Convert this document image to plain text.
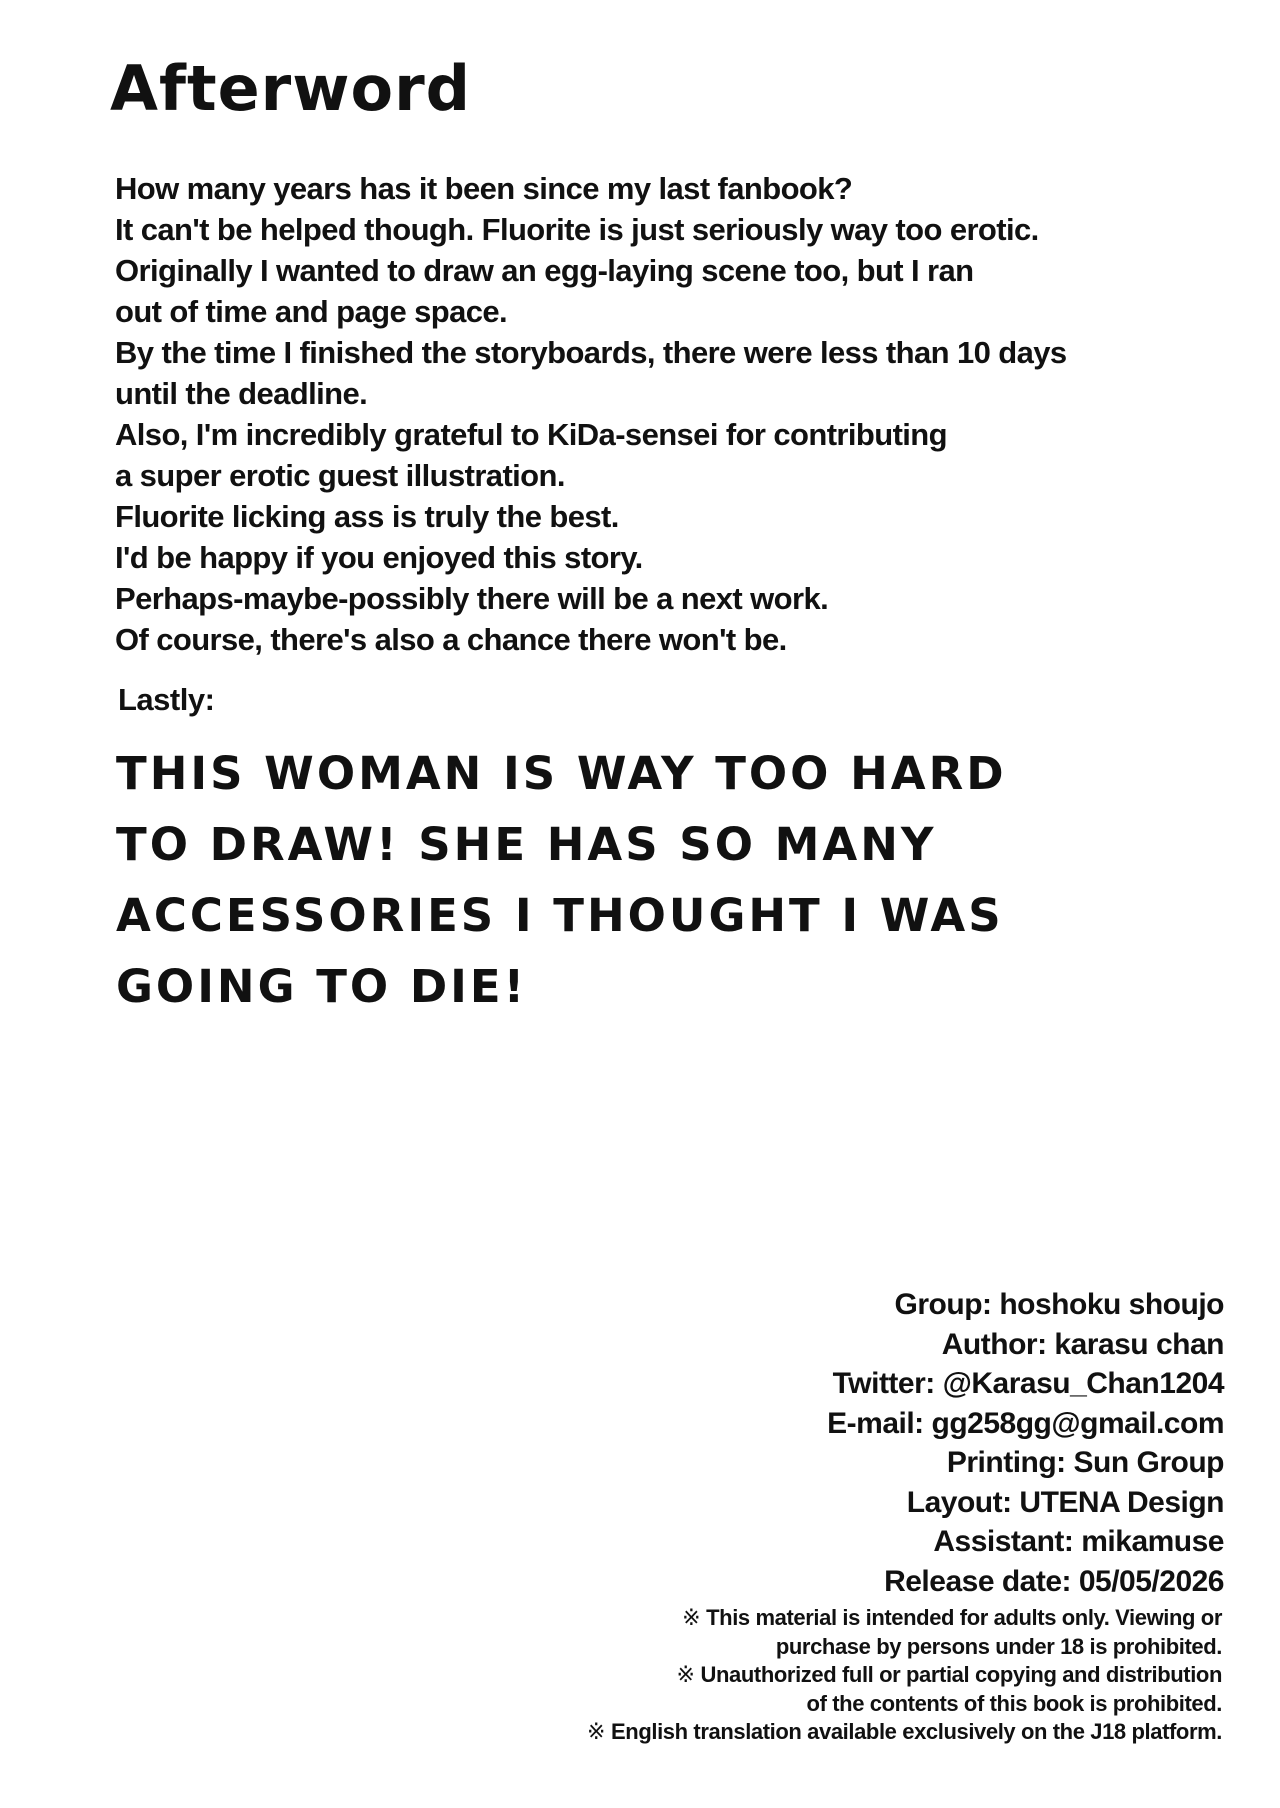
Afterword
How many years has it been since my last fanbook?
It can't be helped though. Fluorite is just seriously way too erotic.
Originally I wanted to draw an egg-laying scene too, but I ran
out of time and page space.
By the time I finished the storyboards, there were less than 10 days
until the deadline.
Also, I'm incredibly grateful to KiDa-sensei for contributing
a super erotic guest illustration.
Fluorite licking ass is truly the best.
I'd be happy if you enjoyed this story.
Perhaps-maybe-possibly there will be a next work.
Of course, there's also a chance there won't be.
Lastly:
THIS WOMAN IS WAY TOO HARD
TO DRAW! SHE HAS SO MANY
ACCESSORIES I THOUGHT I WAS
GOING TO DIE!
Group: hoshoku shoujo
Author: karasu chan
Twitter: @Karasu_Chan1204
E-mail: gg258gg@gmail.com
Printing: Sun Group
Layout: UTENA Design
Assistant: mikamuse
Release date: 05/05/2026
※ This material is intended for adults only. Viewing or
purchase by persons under 18 is prohibited.
※ Unauthorized full or partial copying and distribution
of the contents of this book is prohibited.
※ English translation available exclusively on the J18 platform.
